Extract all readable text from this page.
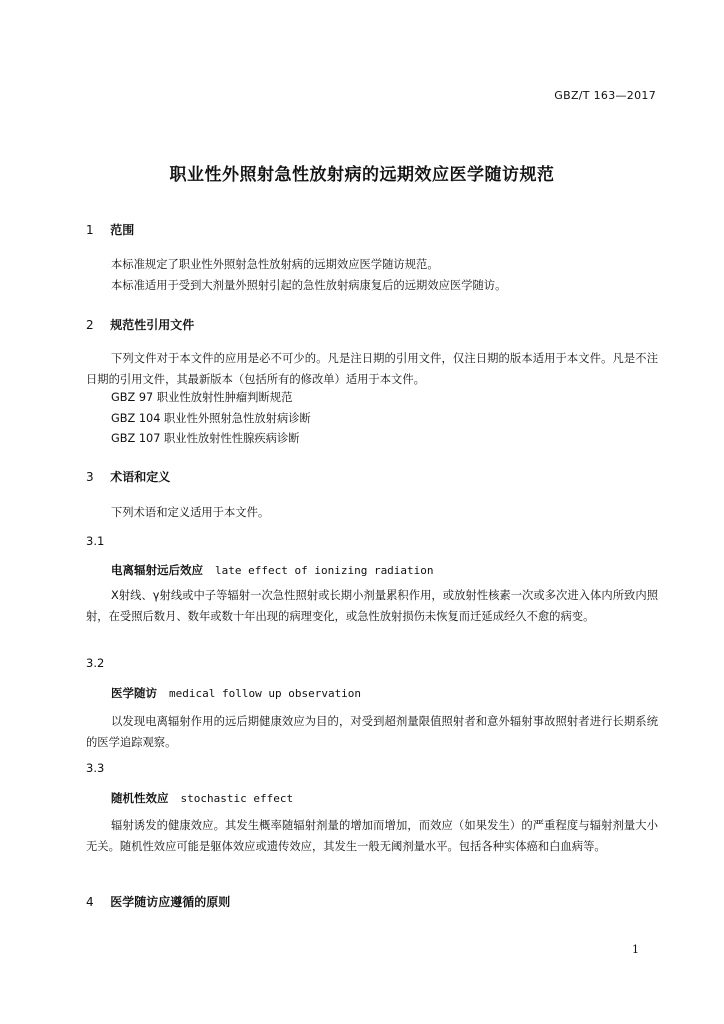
GBZ/T 163—2017
职业性外照射急性放射病的远期效应医学随访规范
1 范围
本标准规定了职业性外照射急性放射病的远期效应医学随访规范。
本标准适用于受到大剂量外照射引起的急性放射病康复后的远期效应医学随访。
2 规范性引用文件
下列文件对于本文件的应用是必不可少的。凡是注日期的引用文件，仅注日期的版本适用于本文件。凡是不注日期的引用文件，其最新版本（包括所有的修改单）适用于本文件。
GBZ 97 职业性放射性肿瘤判断规范
GBZ 104 职业性外照射急性放射病诊断
GBZ 107 职业性放射性性腺疾病诊断
3 术语和定义
下列术语和定义适用于本文件。
3.1
电离辐射远后效应 late effect of ionizing radiation
X射线、γ射线或中子等辐射一次急性照射或长期小剂量累积作用，或放射性核素一次或多次进入体内所致内照射，在受照后数月、数年或数十年出现的病理变化，或急性放射损伤未恢复而迁延成经久不愈的病变。
3.2
医学随访 medical follow up observation
以发现电离辐射作用的远后期健康效应为目的，对受到超剂量限值照射者和意外辐射事故照射者进行长期系统的医学追踪观察。
3.3
随机性效应 stochastic effect
辐射诱发的健康效应。其发生概率随辐射剂量的增加而增加，而效应（如果发生）的严重程度与辐射剂量大小无关。随机性效应可能是躯体效应或遗传效应，其发生一般无阈剂量水平。包括各种实体癌和白血病等。
4 医学随访应遵循的原则
1
